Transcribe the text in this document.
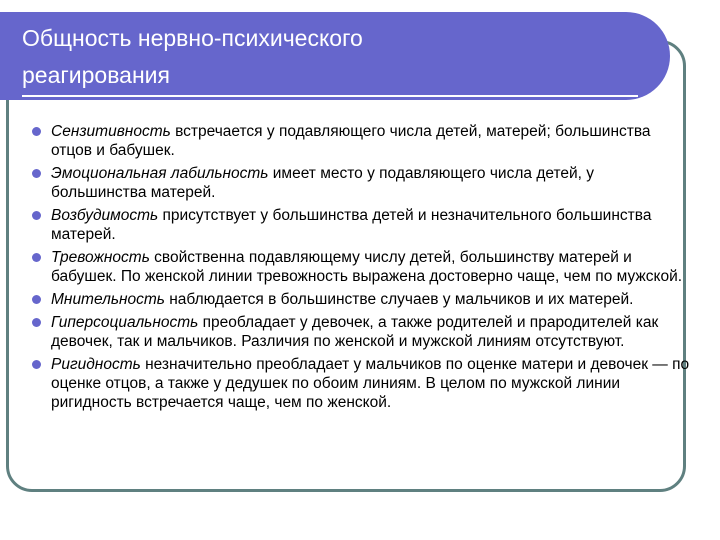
Общность нервно-психического
реагирования
Сензитивность встречается у подавляющего числа детей, матерей; большинства отцов и бабушек.
Эмоциональная лабильность имеет место у подавляющего числа детей, у большинства матерей.
Возбудимость присутствует у большинства детей и незначительного большинства матерей.
Тревожность свойственна подавляющему числу детей, большинству матерей и бабушек. По женской линии тревожность выражена достоверно чаще, чем по мужской.
Мнительность наблюдается в большинстве случаев у мальчиков и их матерей.
Гиперсоциальность преобладает у девочек, а также родителей и прародителей как девочек, так и мальчиков. Различия по женской и мужской линиям отсутствуют.
Ригидность незначительно преобладает у мальчиков по оценке матери и девочек — по оценке отцов, а также у дедушек по обоим линиям. В целом по мужской линии ригидность встречается чаще, чем по женской.
